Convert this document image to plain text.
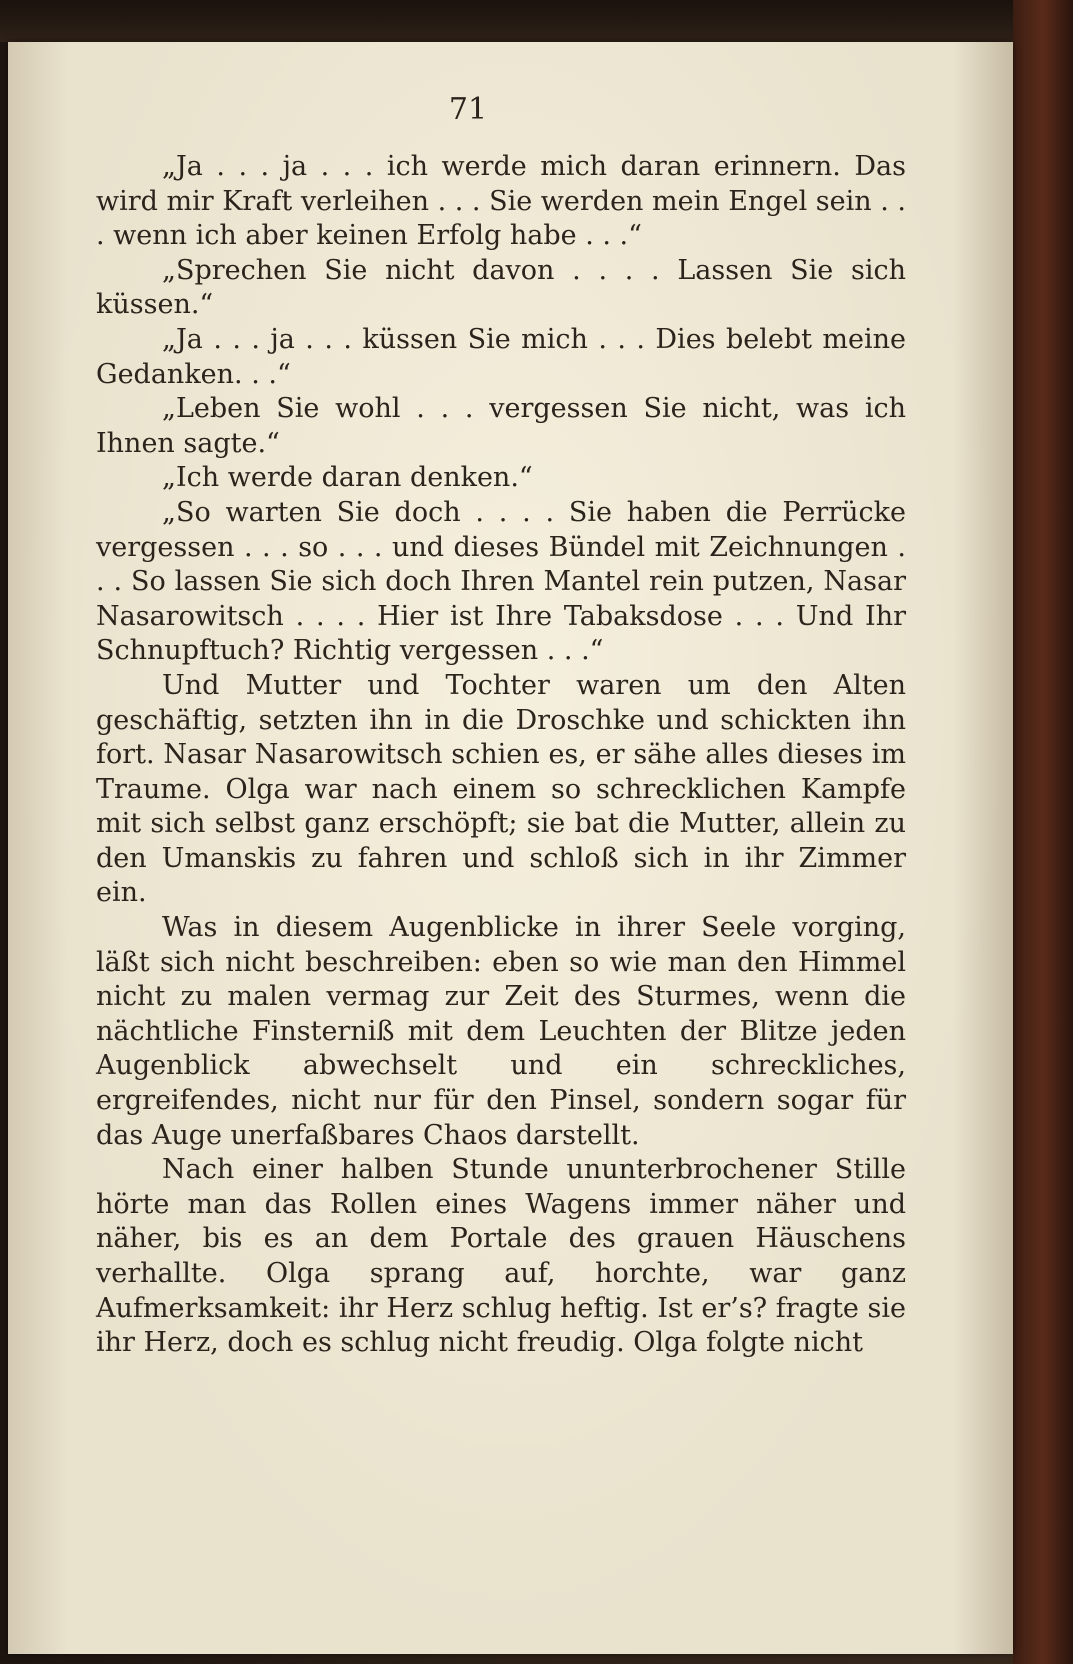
71

„Ja . . . ja . . . ich werde mich daran erinnern. Das wird mir Kraft verleihen . . . Sie werden mein Engel sein . . . wenn ich aber keinen Erfolg habe . . .“

„Sprechen Sie nicht davon . . . . Lassen Sie sich küssen.“

„Ja . . . ja . . . küssen Sie mich . . . Dies belebt meine Gedanken. . .“

„Leben Sie wohl . . . vergessen Sie nicht, was ich Ihnen sagte.“

„Ich werde daran denken.“

„So warten Sie doch . . . . Sie haben die Perrücke vergessen . . . so . . . und dieses Bündel mit Zeichnungen . . . So lassen Sie sich doch Ihren Mantel rein putzen, Nasar Nasarowitsch . . . . Hier ist Ihre Tabaksdose . . . Und Ihr Schnupftuch? Richtig vergessen . . .“

Und Mutter und Tochter waren um den Alten geschäftig, setzten ihn in die Droschke und schickten ihn fort. Nasar Nasarowitsch schien es, er sähe alles dieses im Traume. Olga war nach einem so schrecklichen Kampfe mit sich selbst ganz erschöpft; sie bat die Mutter, allein zu den Umanskis zu fahren und schloß sich in ihr Zimmer ein.

Was in diesem Augenblicke in ihrer Seele vorging, läßt sich nicht beschreiben: eben so wie man den Himmel nicht zu malen vermag zur Zeit des Sturmes, wenn die nächtliche Finsterniß mit dem Leuchten der Blitze jeden Augenblick abwechselt und ein schreckliches, ergreifendes, nicht nur für den Pinsel, sondern sogar für das Auge unerfaßbares Chaos darstellt.

Nach einer halben Stunde ununterbrochener Stille hörte man das Rollen eines Wagens immer näher und näher, bis es an dem Portale des grauen Häuschens verhallte. Olga sprang auf, horchte, war ganz Aufmerksamkeit: ihr Herz schlug heftig. Ist er’s? fragte sie ihr Herz, doch es schlug nicht freudig. Olga folgte nicht
